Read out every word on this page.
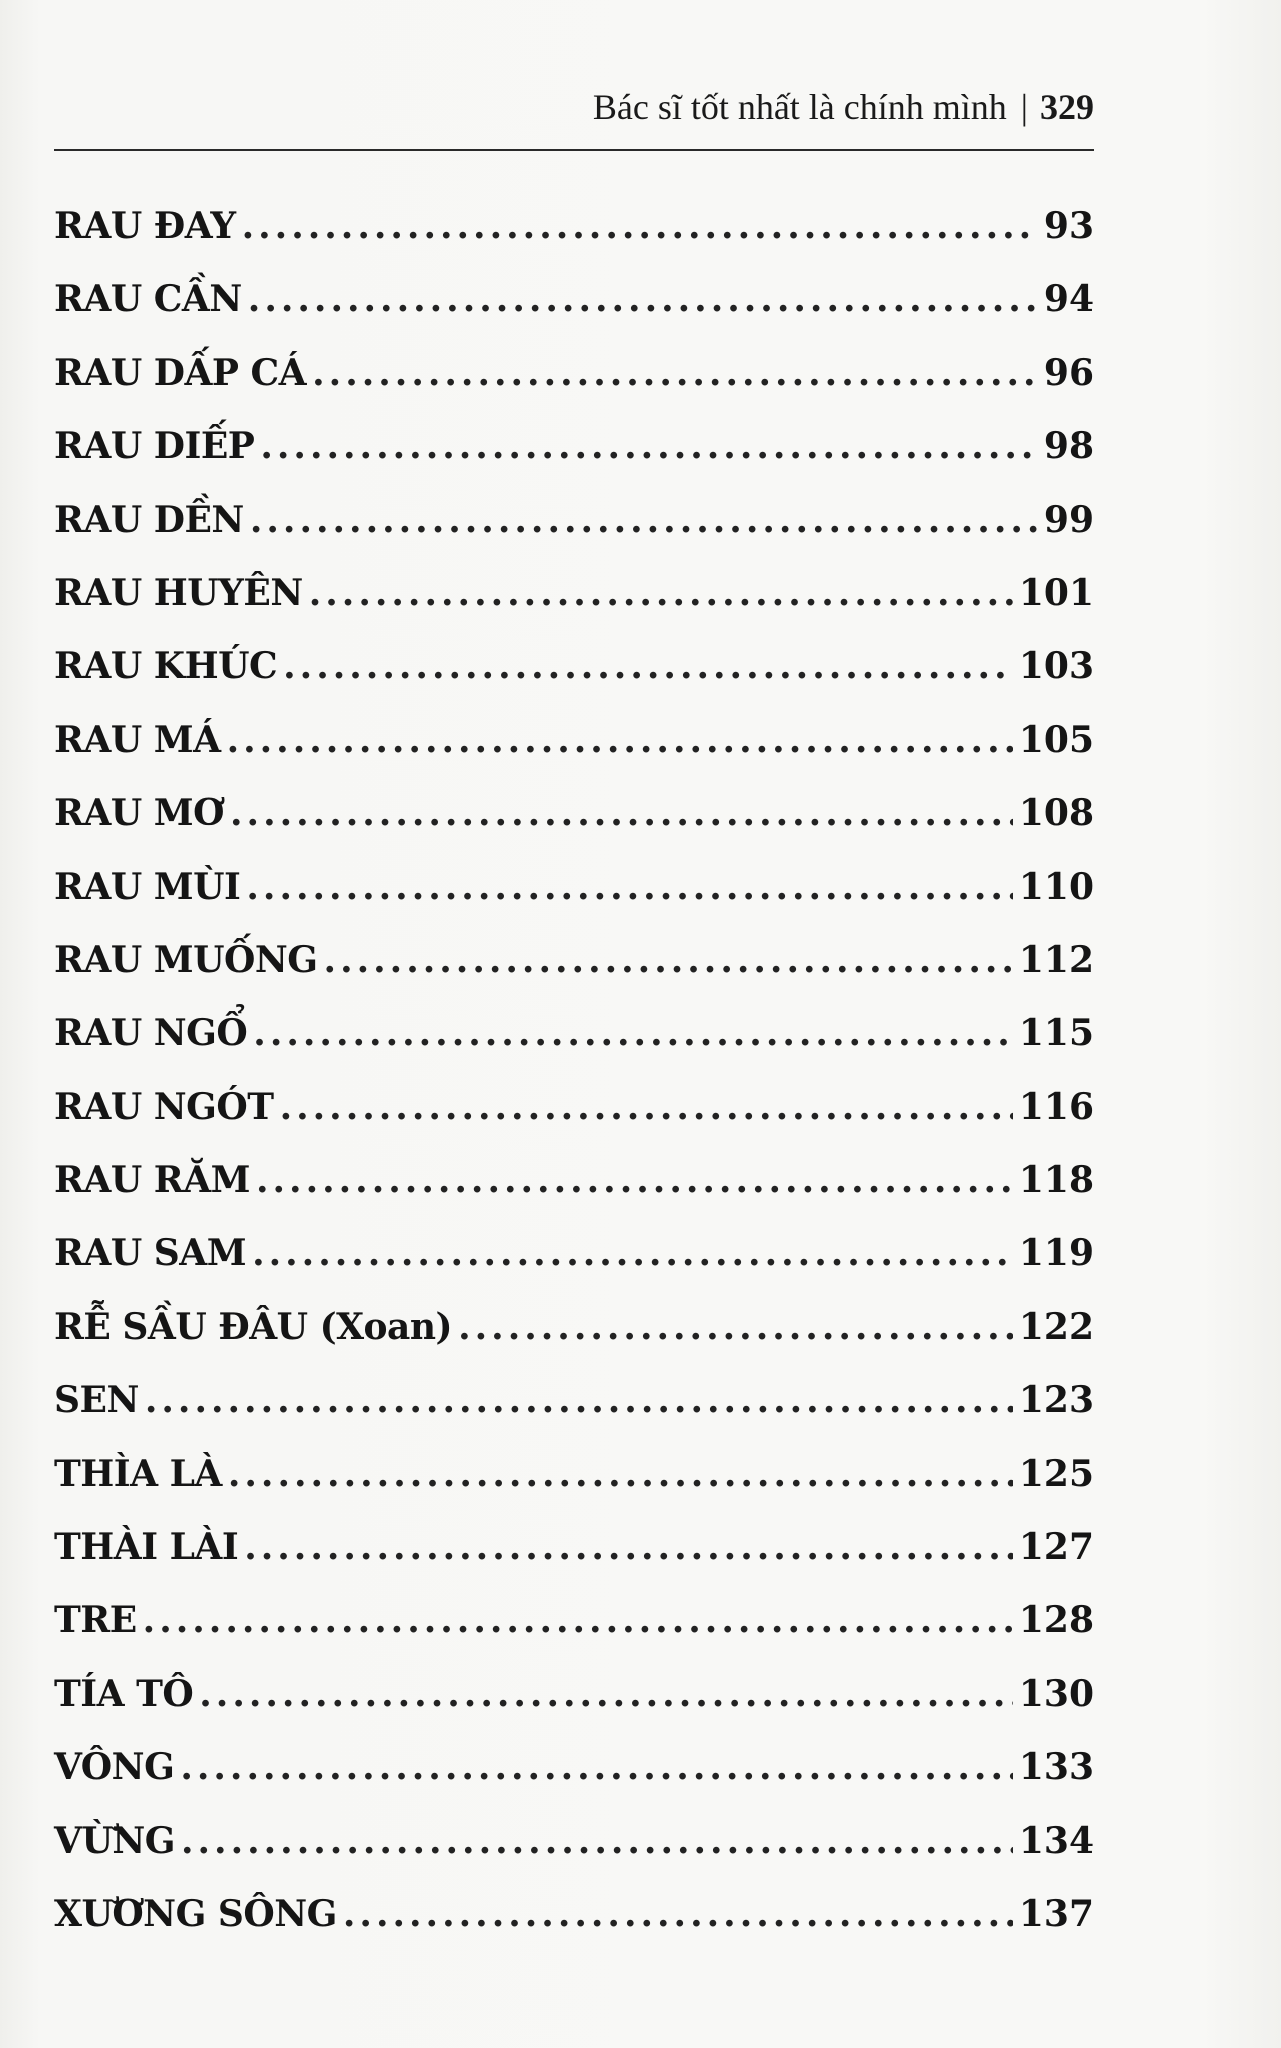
Bác sĩ tốt nhất là chính mình | 329
RAU ĐAY .....	93
RAU CẦN .....	94
RAU DẤP CÁ .....	96
RAU DIẾP .....	98
RAU DỀN .....	99
RAU HUYÊN .....	101
RAU KHÚC .....	103
RAU MÁ .....	105
RAU MƠ .....	108
RAU MÙI .....	110
RAU MUỐNG .....	112
RAU NGỔ .....	115
RAU NGÓT .....	116
RAU RĂM .....	118
RAU SAM .....	119
RỄ SẦU ĐÂU (Xoan) .....	122
SEN .....	123
THÌA LÀ .....	125
THÀI LÀI .....	127
TRE .....	128
TÍA TÔ .....	130
VÔNG .....	133
VỪNG .....	134
XƯƠNG SÔNG .....	137
